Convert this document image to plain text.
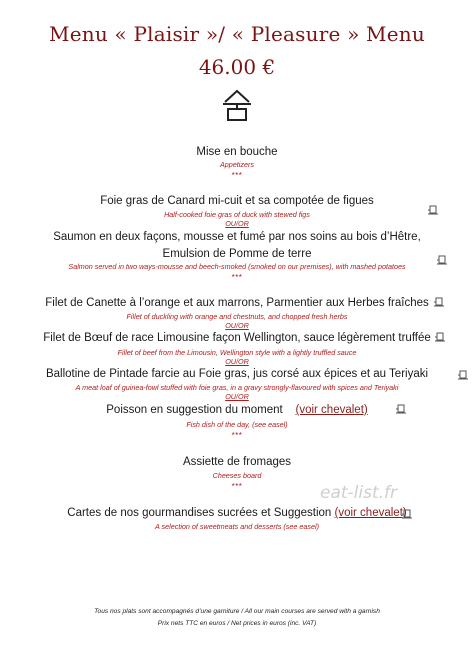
Menu « Plaisir »/ « Pleasure » Menu
46.00 €
Mise en bouche
Appetizers
***
Foie gras de Canard mi-cuit et sa compotée de figues
Half-cooked foie gras of duck with stewed figs
OU/OR
Saumon en deux façons, mousse et fumé par nos soins au bois d’Hêtre,
Emulsion de Pomme de terre
Salmon served in two ways-mousse and beech-smoked (smoked on our premises), with mashed potatoes
***
Filet de Canette à l’orange et aux marrons, Parmentier aux Herbes fraîches
Fillet of duckling with orange and chestnuts, and chopped fresh herbs
OU/OR
Filet de Bœuf de race Limousine façon Wellington, sauce légèrement truffée
Fillet of beef from the Limousin, Wellington style with a lightly truffled sauce
OU/OR
Ballotine de Pintade farcie au Foie gras, jus corsé aux épices et au Teriyaki
A meat loaf of guinea-fowl stuffed with foie gras, in a gravy strongly-flavoured with spices and Teriyaki
OU/OR
Poisson en suggestion du moment (voir chevalet)
Fish dish of the day, (see easel)
***
Assiette de fromages
Cheeses board
***	eat-list.fr
Cartes de nos gourmandises sucrées et Suggestion (voir chevalet)
A selection of sweetmeats and desserts (see easel)
Tous nos plats sont accompagnés d’une garniture / All our main courses are served with a garnish
Prix nets TTC en euros / Net prices in euros (inc. VAT)
